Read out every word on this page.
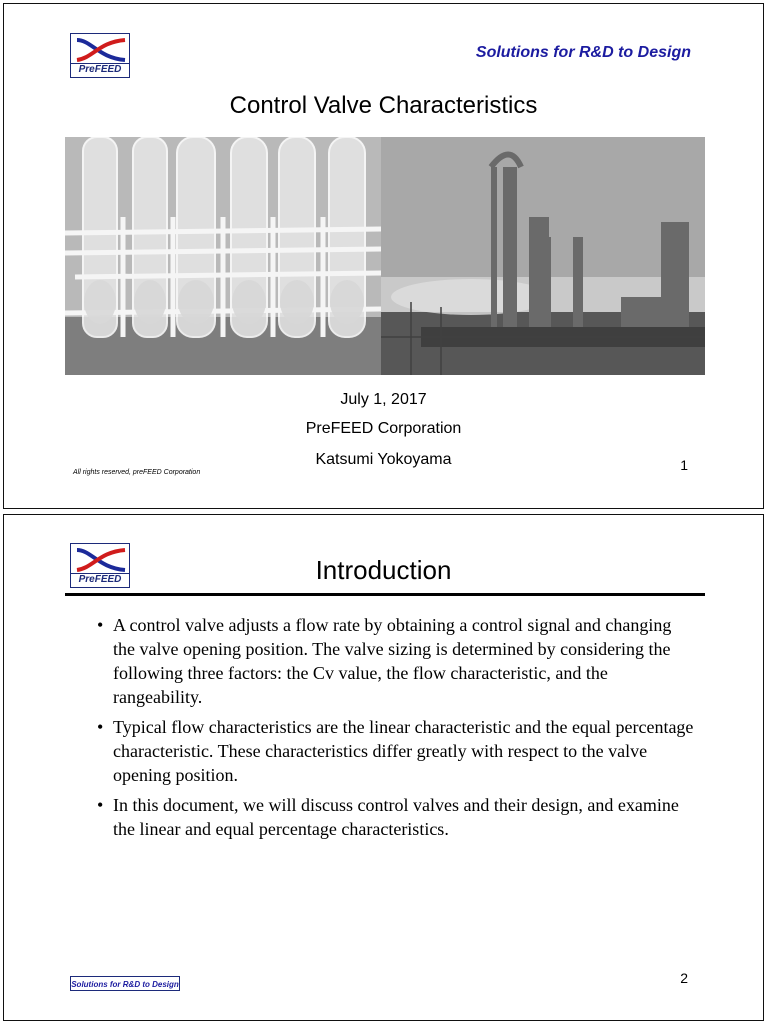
PreFEED
Solutions for R&D to Design
Control Valve Characteristics
July 1, 2017
PreFEED Corporation
Katsumi Yokoyama
All rights reserved, preFEED Corporation	1
PreFEED	Introduction
• A control valve adjusts a flow rate by obtaining a control signal and changing the valve opening position. The valve sizing is determined by considering the following three factors: the Cv value, the flow characteristic, and the rangeability.
• Typical flow characteristics are the linear characteristic and the equal percentage characteristic. These characteristics differ greatly with respect to the valve opening position.
• In this document, we will discuss control valves and their design, and examine the linear and equal percentage characteristics.
Solutions for R&D to Design	2
